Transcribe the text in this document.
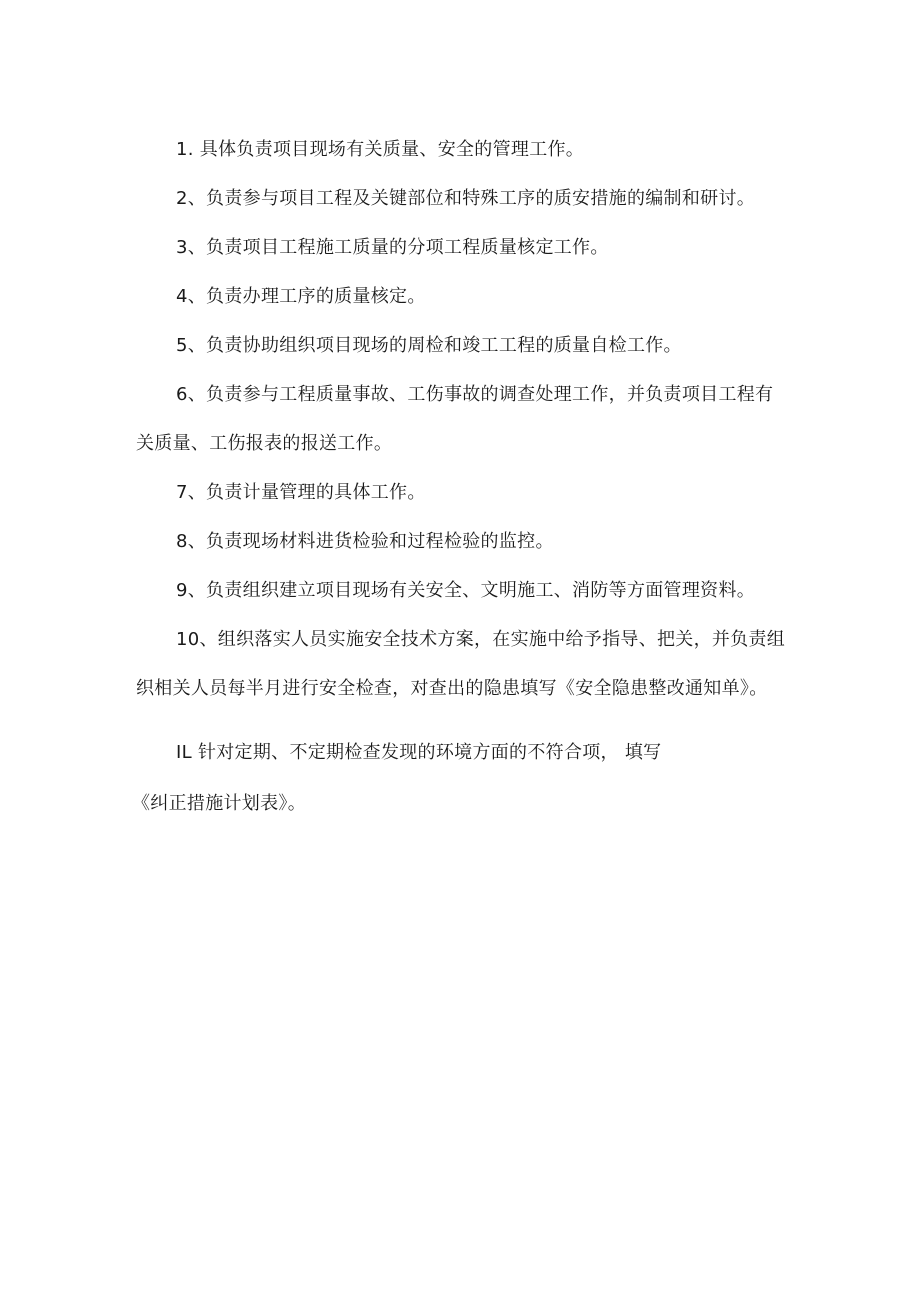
1. 具体负责项目现场有关质量、安全的管理工作。
2、负责参与项目工程及关键部位和特殊工序的质安措施的编制和研讨。
3、负责项目工程施工质量的分项工程质量核定工作。
4、负责办理工序的质量核定。
5、负责协助组织项目现场的周检和竣工工程的质量自检工作。
6、负责参与工程质量事故、工伤事故的调查处理工作，并负责项目工程有
关质量、工伤报表的报送工作。
7、负责计量管理的具体工作。
8、负责现场材料进货检验和过程检验的监控。
9、负责组织建立项目现场有关安全、文明施工、消防等方面管理资料。
10、组织落实人员实施安全技术方案，在实施中给予指导、把关，并负责组
织相关人员每半月进行安全检查，对查出的隐患填写《安全隐患整改通知单》。
IL 针对定期、不定期检查发现的环境方面的不符合项， 填写
《纠正措施计划表》。
